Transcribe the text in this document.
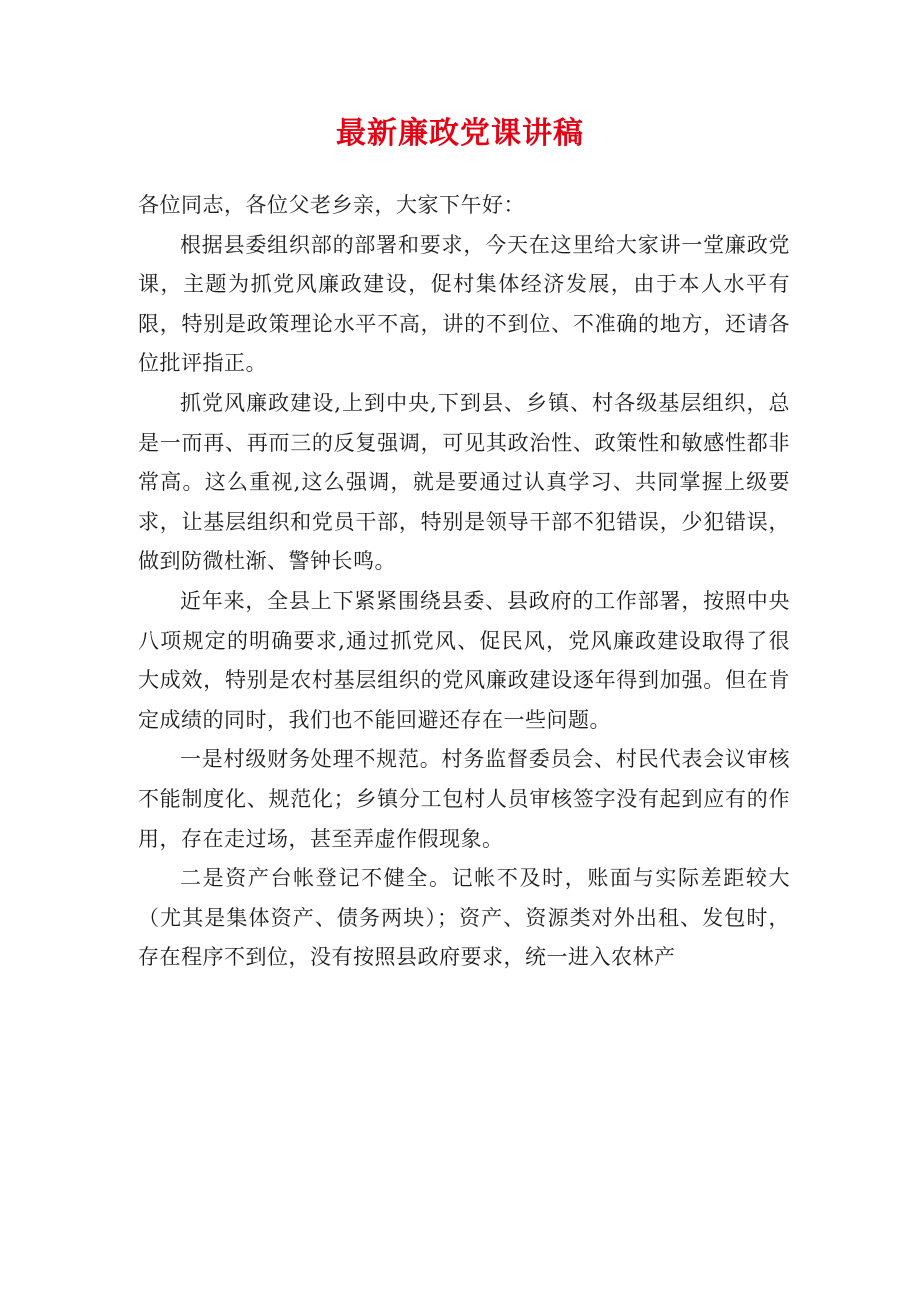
最新廉政党课讲稿

各位同志，各位父老乡亲，大家下午好：

根据县委组织部的部署和要求，今天在这里给大家讲一堂廉政党课，主题为抓党风廉政建设，促村集体经济发展，由于本人水平有限，特别是政策理论水平不高，讲的不到位、不准确的地方，还请各位批评指正。

抓党风廉政建设,上到中央,下到县、乡镇、村各级基层组织，总是一而再、再而三的反复强调，可见其政治性、政策性和敏感性都非常高。这么重视,这么强调，就是要通过认真学习、共同掌握上级要求，让基层组织和党员干部，特别是领导干部不犯错误，少犯错误，做到防微杜渐、警钟长鸣。

近年来，全县上下紧紧围绕县委、县政府的工作部署，按照中央八项规定的明确要求,通过抓党风、促民风，党风廉政建设取得了很大成效，特别是农村基层组织的党风廉政建设逐年得到加强。但在肯定成绩的同时，我们也不能回避还存在一些问题。

一是村级财务处理不规范。村务监督委员会、村民代表会议审核不能制度化、规范化；乡镇分工包村人员审核签字没有起到应有的作用，存在走过场，甚至弄虚作假现象。

二是资产台帐登记不健全。记帐不及时，账面与实际差距较大（尤其是集体资产、债务两块）；资产、资源类对外出租、发包时，存在程序不到位，没有按照县政府要求，统一进入农林产
